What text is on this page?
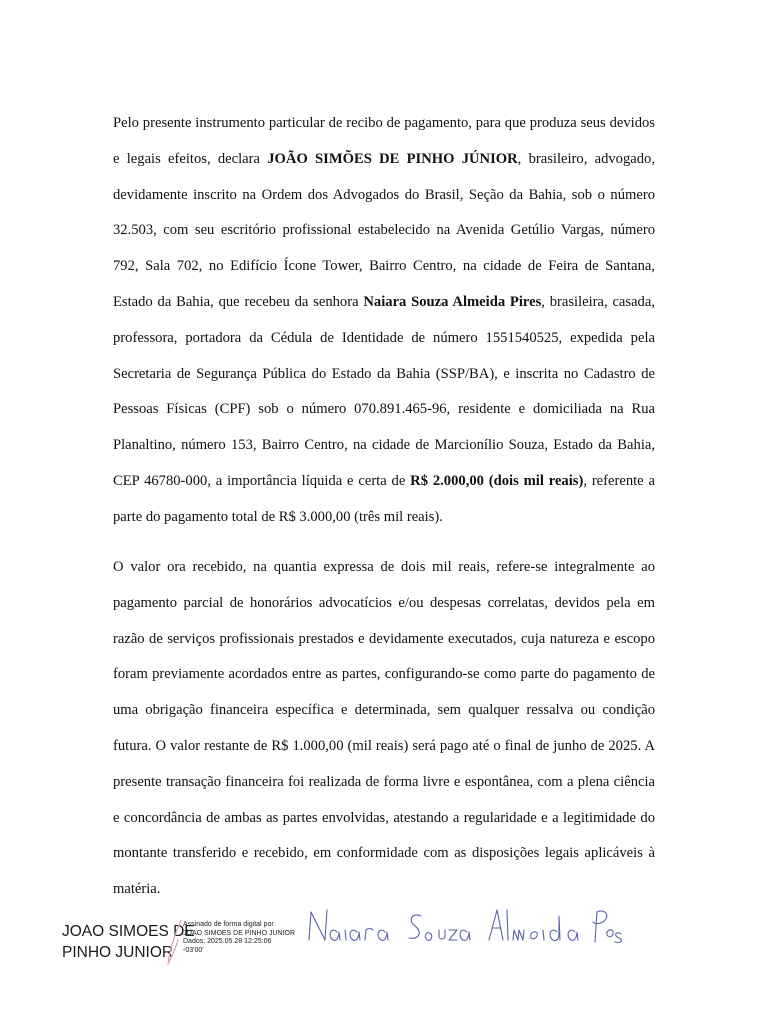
Pelo presente instrumento particular de recibo de pagamento, para que produza seus devidos e legais efeitos, declara JOÃO SIMÕES DE PINHO JÚNIOR, brasileiro, advogado, devidamente inscrito na Ordem dos Advogados do Brasil, Seção da Bahia, sob o número 32.503, com seu escritório profissional estabelecido na Avenida Getúlio Vargas, número 792, Sala 702, no Edifício Ícone Tower, Bairro Centro, na cidade de Feira de Santana, Estado da Bahia, que recebeu da senhora Naiara Souza Almeida Pires, brasileira, casada, professora, portadora da Cédula de Identidade de número 1551540525, expedida pela Secretaria de Segurança Pública do Estado da Bahia (SSP/BA), e inscrita no Cadastro de Pessoas Físicas (CPF) sob o número 070.891.465-96, residente e domiciliada na Rua Planaltino, número 153, Bairro Centro, na cidade de Marcionílio Souza, Estado da Bahia, CEP 46780-000, a importância líquida e certa de R$ 2.000,00 (dois mil reais), referente a parte do pagamento total de R$ 3.000,00 (três mil reais).

O valor ora recebido, na quantia expressa de dois mil reais, refere-se integralmente ao pagamento parcial de honorários advocatícios e/ou despesas correlatas, devidos pela em razão de serviços profissionais prestados e devidamente executados, cuja natureza e escopo foram previamente acordados entre as partes, configurando-se como parte do pagamento de uma obrigação financeira específica e determinada, sem qualquer ressalva ou condição futura. O valor restante de R$ 1.000,00 (mil reais) será pago até o final de junho de 2025. A presente transação financeira foi realizada de forma livre e espontânea, com a plena ciência e concordância de ambas as partes envolvidas, atestando a regularidade e a legitimidade do montante transferido e recebido, em conformidade com as disposições legais aplicáveis à matéria.

JOAO SIMOES DE
PINHO JUNIOR
Assinado de forma digital por
JOAO SIMOES DE PINHO JUNIOR
Dados: 2025.05.28 12:25:06
-03'00'
